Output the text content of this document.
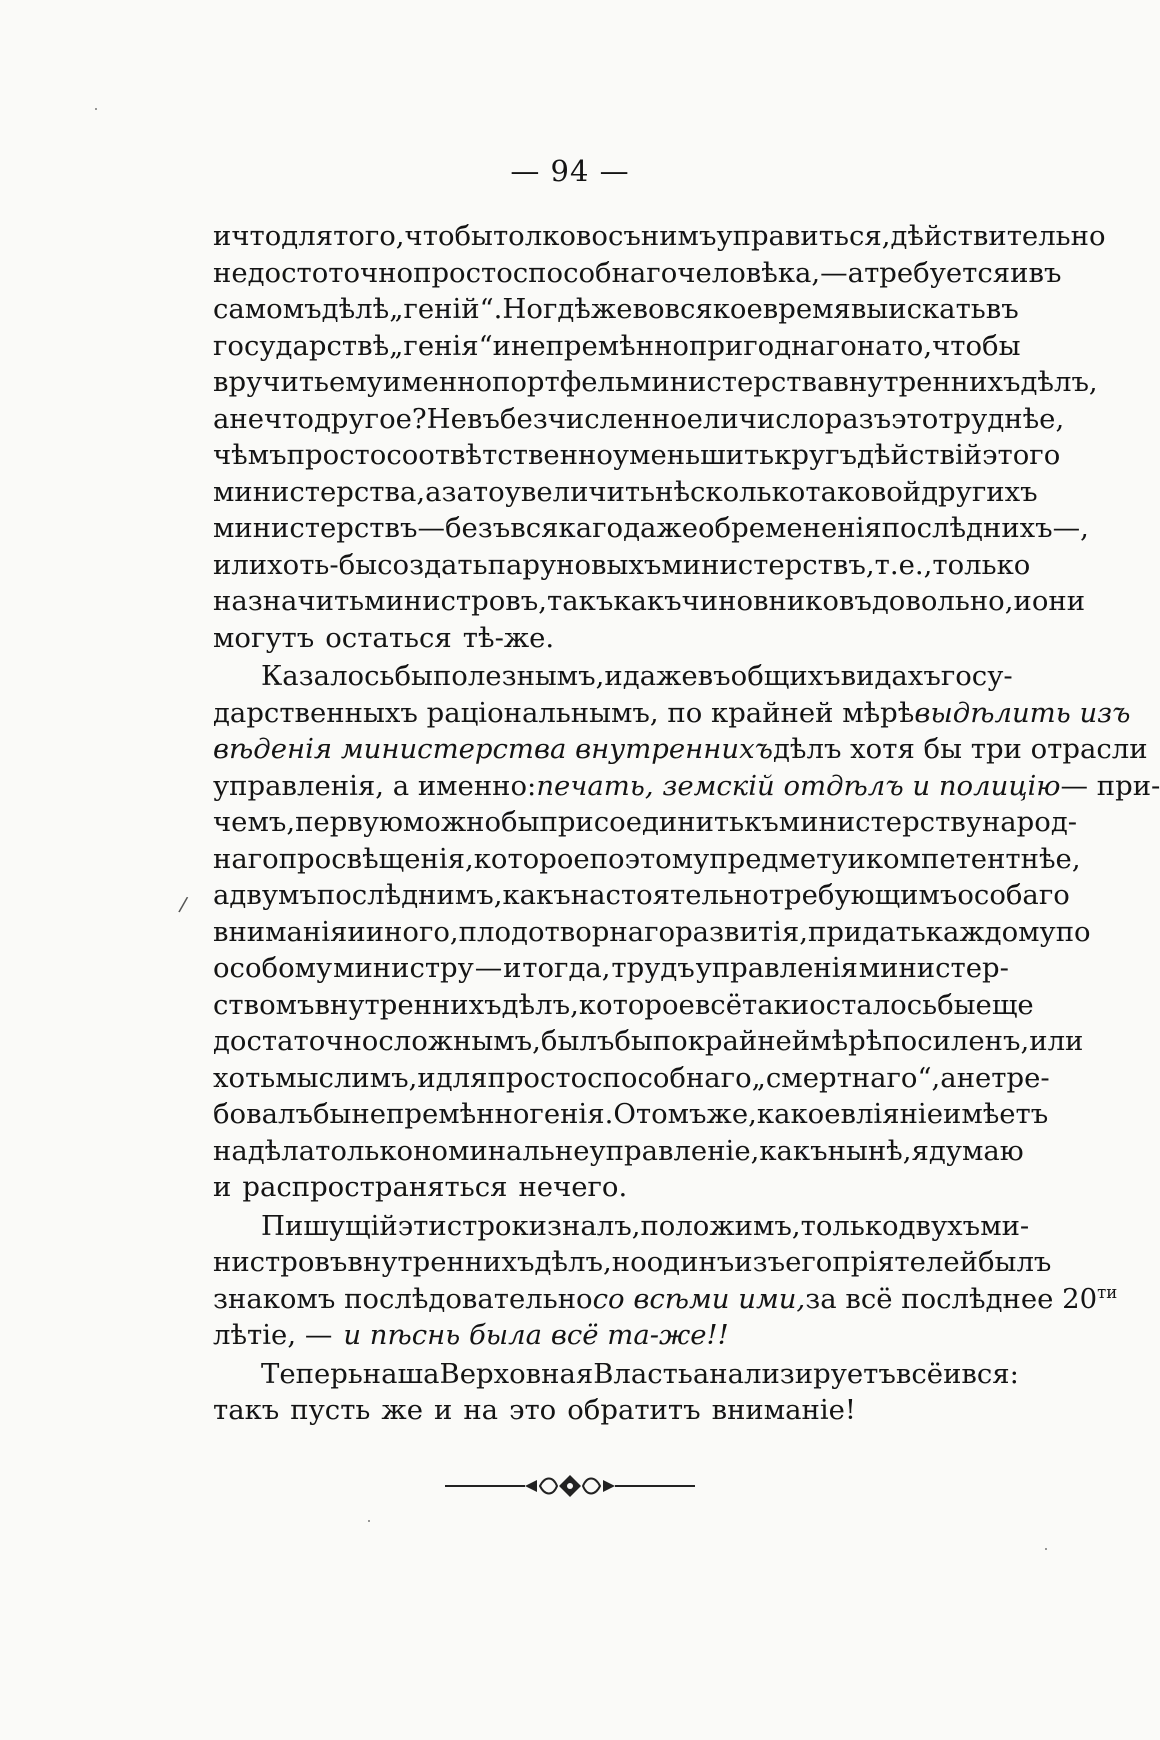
— 94 —
/
и что для того, чтобы толково съ нимъ управиться, дѣйствительно
недостоточно просто способнаго человѣка, — а требуется и въ
самомъ дѣлѣ „геній“. Но гдѣ же во всякое время выискать въ
государствѣ „генія“ и непремѣнно пригоднаго на то, чтобы
вручить ему именно портфель министерства внутреннихъ дѣлъ,
а не что другое? Не въ безчисленное ли число разъ это труднѣе,
чѣмъ просто соотвѣтственно уменьшить кругъ дѣйствій этого
министерства, а зато увеличить нѣсколько таковой другихъ
министерствъ — безъ всякаго даже обремененія послѣднихъ —,
или хоть-бы создать пару новыхъ министерствъ, т. е., только
назначить министровъ, такъ какъ чиновниковъ довольно, и они
могутъ остаться тѣ-же.
Казалось бы полезнымъ, и даже въ общихъ видахъ госу-
дарственныхъ раціональнымъ, по крайней мѣрѣ выдѣлить изъ
вѣденія министерства внутреннихъ дѣлъ хотя бы три отрасли
управленія, а именно: печать, земскій отдѣлъ и полицію — при-
чемъ, первую можно бы присоединить къ министерству народ-
наго просвѣщенія, которое по этому предмету и компетентнѣе,
а двумъ послѣднимъ, какъ настоятельно требующимъ особаго
вниманія и иного, плодотворнаго развитія, придать каждому по
особому министру — и тогда, трудъ управленія министер-
ствомъ внутреннихъ дѣлъ, которое всё таки осталось бы еще
достаточно сложнымъ, былъ бы по крайней мѣрѣ посиленъ, или
хоть мыслимъ, и для просто способнаго „смертнаго“, а не тре-
бовалъ бы непремѣнно генія. О томъ же, какое вліяніе имѣетъ
на дѣла только номинальне управленіе, какъ нынѣ, я думаю
и распространяться нечего.
Пишущій эти строки зналъ, положимъ, только двухъ ми-
нистровъ внутреннихъ дѣлъ, но одинъ изъ его пріятелей былъ
знакомъ послѣдовательно со всѣми ими, за всё послѣднее $20^{ти}$
лѣтіе, — и пѣснь была всё та-же!!
Теперь наша Верховная Власть анализируетъ всё и вся:
такъ пусть же и на это обратитъ вниманіе!
